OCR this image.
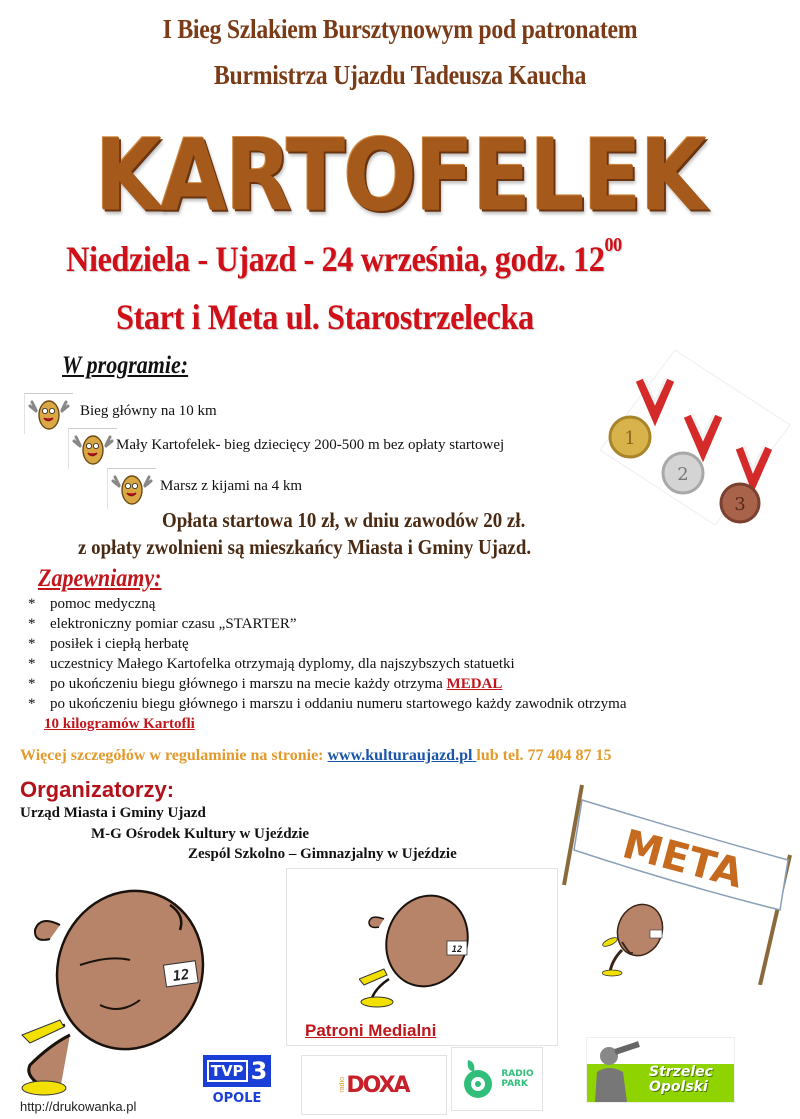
I Bieg Szlakiem Bursztynowym pod patronatem
Burmistrza Ujazdu Tadeusza Kaucha
KARTOFELEK
Niedziela - Ujazd - 24 września, godz. $12^{00}$
Start i Meta ul. Starostrzelecka
W programie:
Bieg główny na 10 km
Mały Kartofelek- bieg dziecięcy 200-500 m bez opłaty startowej
Marsz z kijami na 4 km
1
2
3
Opłata startowa 10 zł, w dniu zawodów 20 zł.
z opłaty zwolnieni są mieszkańcy Miasta i Gminy Ujazd.
Zapewniamy:
* pomoc medyczną
* elektroniczny pomiar czasu „STARTER”
* posiłek i ciepłą herbatę
* uczestnicy Małego Kartofelka otrzymają dyplomy, dla najszybszych statuetki
* po ukończeniu biegu głównego i marszu na mecie każdy otrzyma MEDAL
* po ukończeniu biegu głównego i marszu i oddaniu numeru startowego każdy zawodnik otrzyma
10 kilogramów Kartofli
Więcej szczegółów w regulaminie na stronie: www.kulturaujazd.pl lub tel. 77 404 87 15
Organizatorzy:
Urząd Miasta i Gminy Ujazd
M-G Ośrodek Kultury w Ujeździe
Zespól Szkolno – Gimnazjalny w Ujeździe	META
12
http://drukowanka.pl
12
Patroni Medialni
TVP 3
OPOLE
radio DOXA	RADIO
PARK
Strzelec
Opolski
